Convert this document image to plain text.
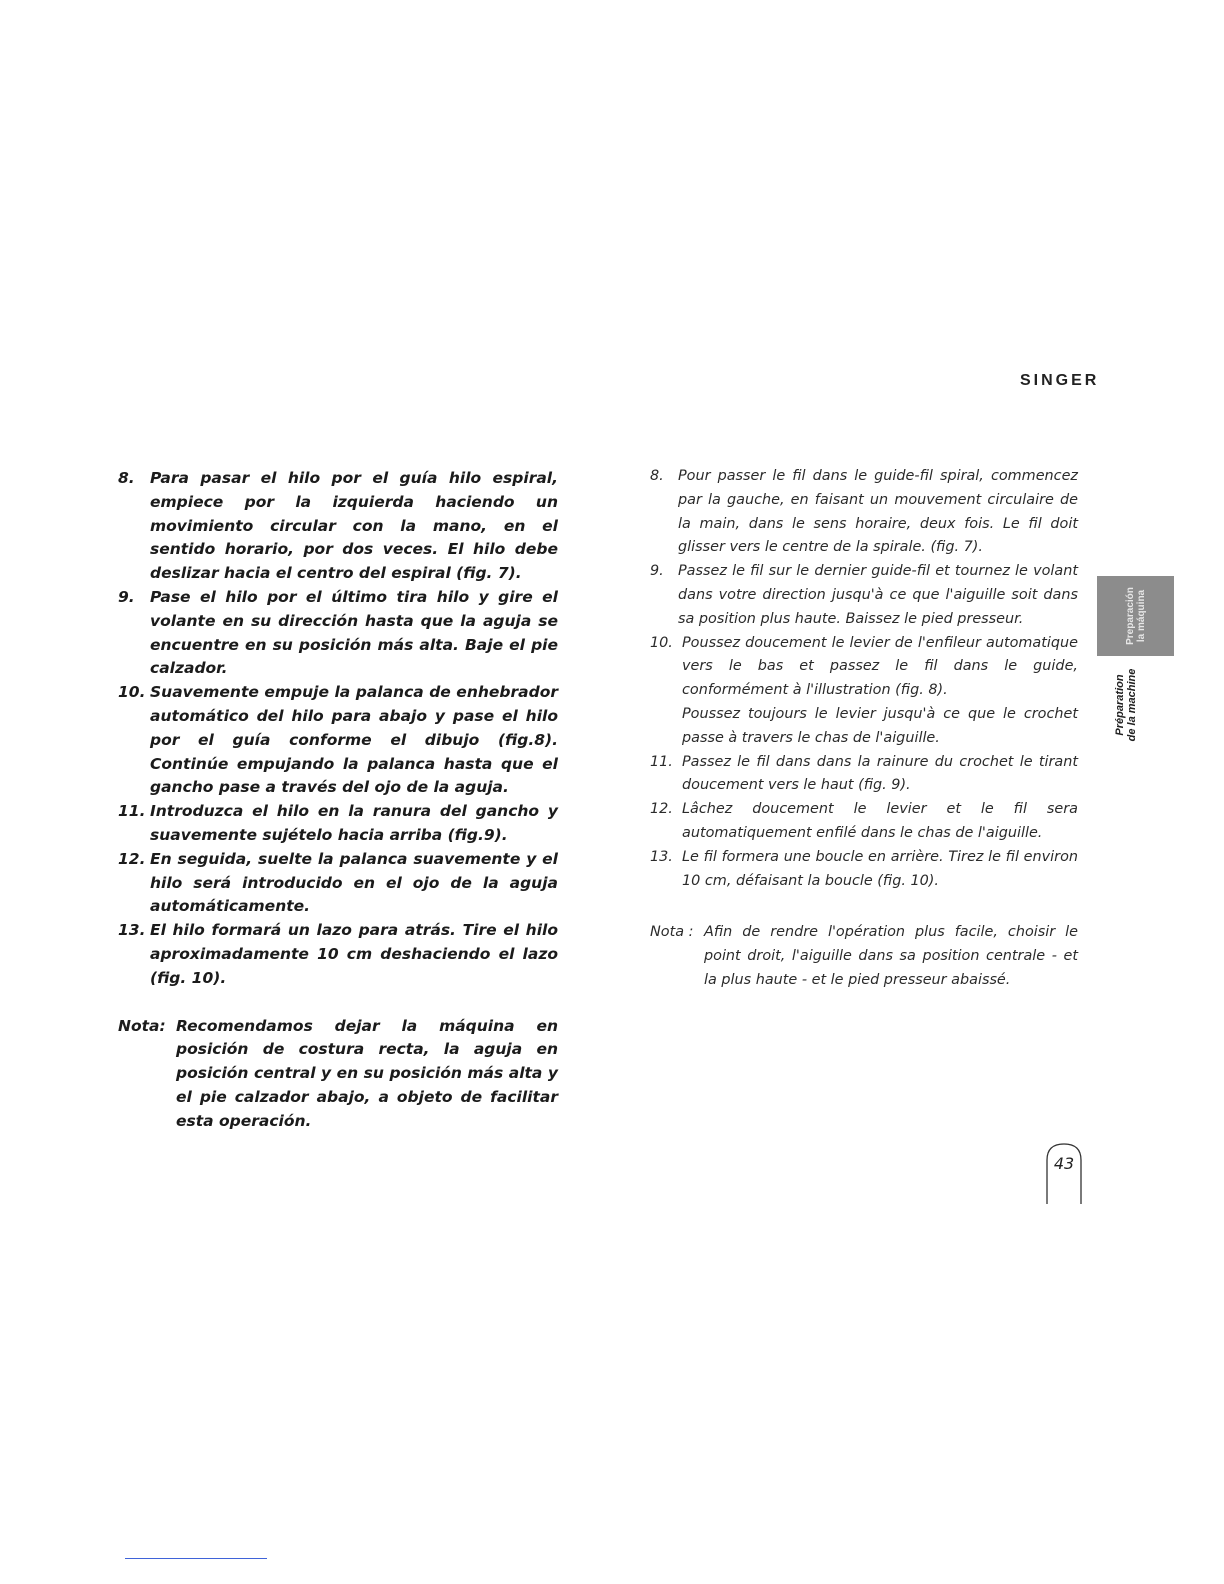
SINGER
8. Para pasar el hilo por el guía hilo espiral, empiece por la izquierda haciendo un movimiento circular con la mano, en el sentido horario, por dos veces. El hilo debe deslizar hacia el centro del espiral (fig. 7).
9. Pase el hilo por el último tira hilo y gire el volante en su dirección hasta que la aguja se encuentre en su posición más alta. Baje el pie calzador.
10. Suavemente empuje la palanca de enhebrador automático del hilo para abajo y pase el hilo por el guía conforme el dibujo (fig.8). Continúe empujando la palanca hasta que el gancho pase a través del ojo de la aguja.
11. Introduzca el hilo en la ranura del gancho y suavemente sujételo hacia arriba (fig.9).
12. En seguida, suelte la palanca suavemente y el hilo será introducido en el ojo de la aguja automáticamente.
13. El hilo formará un lazo para atrás. Tire el hilo aproximadamente 10 cm deshaciendo el lazo (fig. 10).
Nota: Recomendamos dejar la máquina en posición de costura recta, la aguja en posición central y en su posición más alta y el pie calzador abajo, a objeto de facilitar esta operación.
8. Pour passer le fil dans le guide-fil spiral, commencez par la gauche, en faisant un mouvement circulaire de la main, dans le sens horaire, deux fois. Le fil doit glisser vers le centre de la spirale. (fig. 7).
9. Passez le fil sur le dernier guide-fil et tournez le volant dans votre direction jusqu'à ce que l'aiguille soit dans sa position plus haute. Baissez le pied presseur.
10. Poussez doucement le levier de l'enfileur automatique vers le bas et passez le fil dans le guide, conformément à l'illustration (fig. 8).
Poussez toujours le levier jusqu'à ce que le crochet passe à travers le chas de l'aiguille.
11. Passez le fil dans dans la rainure du crochet le tirant doucement vers le haut (fig. 9).
12. Lâchez doucement le levier et le fil sera automatiquement enfilé dans le chas de l'aiguille.
13. Le fil formera une boucle en arrière. Tirez le fil environ 10 cm, défaisant la boucle (fig. 10).
Nota : Afin de rendre l'opération plus facile, choisir le point droit, l'aiguille dans sa position centrale - et la plus haute - et le pied presseur abaissé.
Preparación la máquina
Préparation de la machine
43
